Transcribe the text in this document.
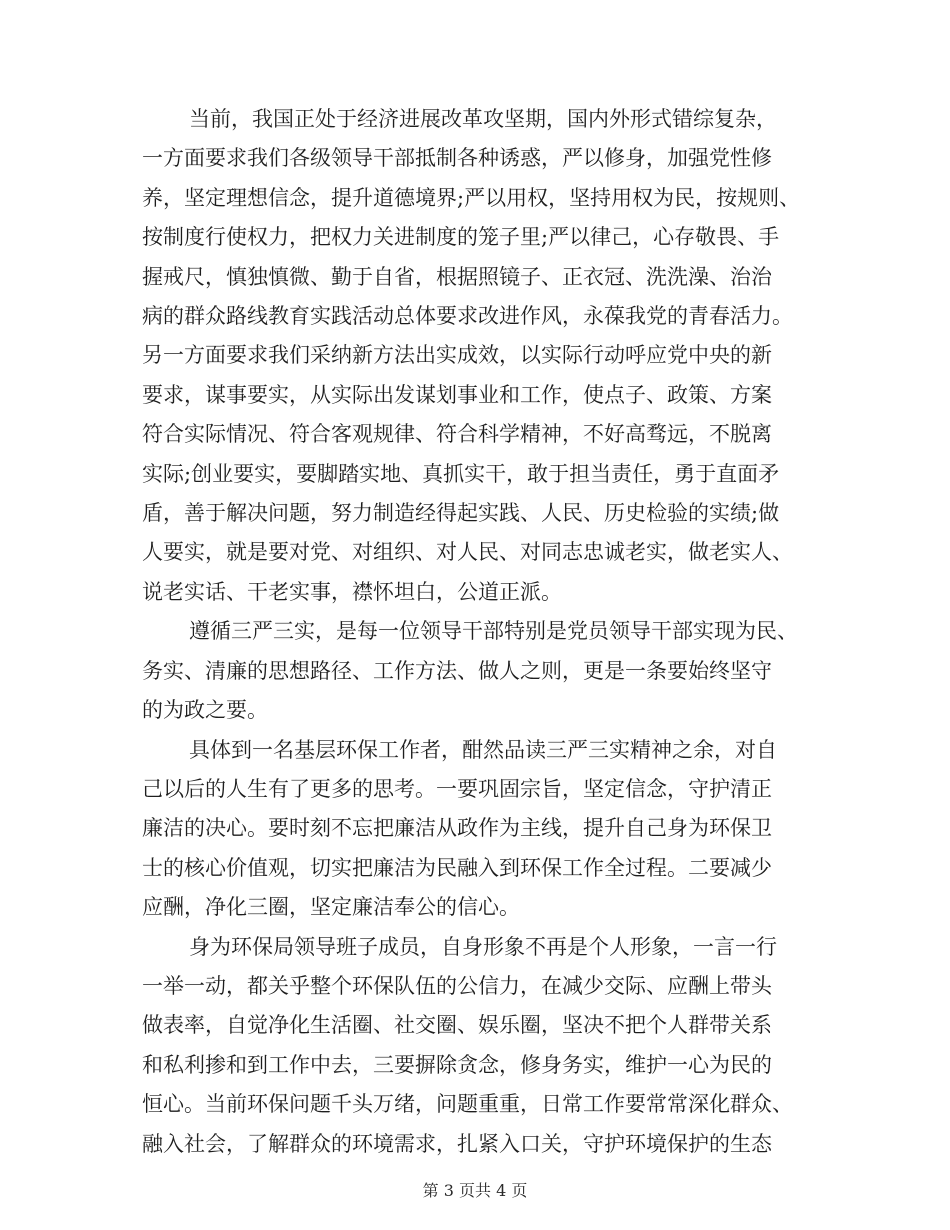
当前，我国正处于经济进展改革攻坚期，国内外形式错综复杂，

一方面要求我们各级领导干部抵制各种诱惑，严以修身，加强党性修

养，坚定理想信念，提升道德境界;严以用权，坚持用权为民，按规则、

按制度行使权力，把权力关进制度的笼子里;严以律己，心存敬畏、手

握戒尺，慎独慎微、勤于自省，根据照镜子、正衣冠、洗洗澡、治治

病的群众路线教育实践活动总体要求改进作风，永葆我党的青春活力。

另一方面要求我们采纳新方法出实成效，以实际行动呼应党中央的新

要求，谋事要实，从实际出发谋划事业和工作，使点子、政策、方案

符合实际情况、符合客观规律、符合科学精神，不好高骛远，不脱离

实际;创业要实，要脚踏实地、真抓实干，敢于担当责任，勇于直面矛

盾，善于解决问题，努力制造经得起实践、人民、历史检验的实绩;做

人要实，就是要对党、对组织、对人民、对同志忠诚老实，做老实人、

说老实话、干老实事，襟怀坦白，公道正派。

遵循三严三实，是每一位领导干部特别是党员领导干部实现为民、

务实、清廉的思想路径、工作方法、做人之则，更是一条要始终坚守

的为政之要。

具体到一名基层环保工作者，酣然品读三严三实精神之余，对自

己以后的人生有了更多的思考。一要巩固宗旨，坚定信念，守护清正

廉洁的决心。要时刻不忘把廉洁从政作为主线，提升自己身为环保卫

士的核心价值观，切实把廉洁为民融入到环保工作全过程。二要减少

应酬，净化三圈，坚定廉洁奉公的信心。

身为环保局领导班子成员，自身形象不再是个人形象，一言一行

一举一动，都关乎整个环保队伍的公信力，在减少交际、应酬上带头

做表率，自觉净化生活圈、社交圈、娱乐圈，坚决不把个人群带关系

和私利掺和到工作中去，三要摒除贪念，修身务实，维护一心为民的

恒心。当前环保问题千头万绪，问题重重，日常工作要常常深化群众、

融入社会，了解群众的环境需求，扎紧入口关，守护环境保护的生态

第 3 页共 4 页
